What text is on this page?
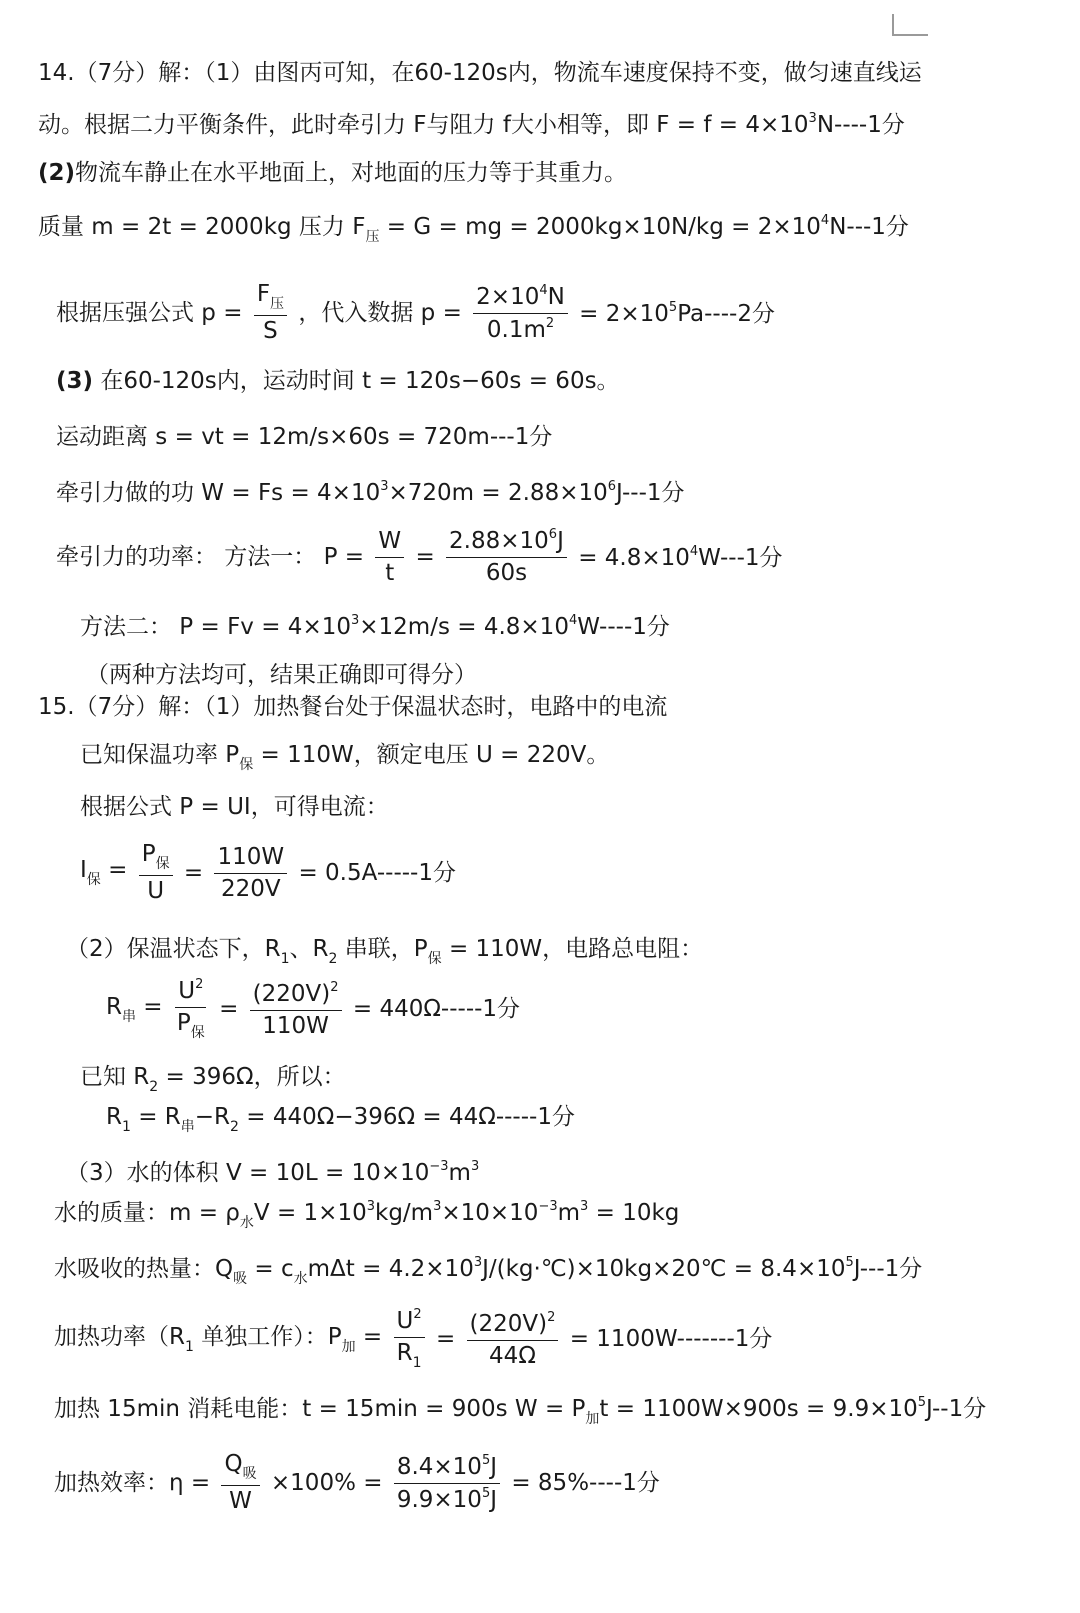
14.（7分）解：（1）由图丙可知，在60-120s内，物流车速度保持不变，做匀速直线运
动。根据二力平衡条件，此时牵引力 F与阻力 f大小相等，即 $F = f = 4\times 10^3N----1$分
(2)物流车静止在水平地面上，对地面的压力等于其重力。
质量 m = 2t = 2000kg 压力 $F_压 = G$ = mg = $2000kg\times 10N/kg = 2\times 10^4N---1$分
根据压强公式 $p = \frac{F_压}{S}$ ，代入数据 $p = \frac{2\times 10^4N}{0.1m^2} = 2\times 10^5Pa----2$分
(3) 在60-120s内，运动时间 t = 120s−60s = 60s。
运动距离 s = vt = 12m/s×60s = 720m---1分
牵引力做的功 $W = Fs = 4\times 10^3\times 720m = 2.88\times 10^6J---1$分
牵引力的功率： 方法一： $P = \frac{W}{t} = \frac{2.88\times 10^6J}{60s} = 4.8\times 10^4W---1$分
方法二： $P = Fv = 4\times 10^3\times 12m/s = 4.8\times 10^4W----1$分
（两种方法均可，结果正确即可得分）
15.（7分）解：（1）加热餐台处于保温状态时，电路中的电流
已知保温功率 $P_保 = 110W$，额定电压 U = 220V。
根据公式 P = UI，可得电流：
$I_保 = \frac{P_保}{U} = \frac{110W}{220V} = 0.5A-----1$分
（2）保温状态下，$R_1$、$R_2$ 串联，$P_保 = 110W$，电路总电阻：
$R_串 = \frac{U^2}{P_保} = \frac{(220V)^2}{110W} = 440\Omega-----1$分
已知 $R_2 = 396\Omega$，所以：
$R_1 = R_串-R_2 = 440\Omega-396\Omega = 44\Omega-----1$分
（3）水的体积 $V = 10L = 10\times 10^{-3}m^3$
水的质量：$m = \rho_水V = 1\times 10^3kg/m^3\times 10\times 10^{-3}m^3 = 10kg$
水吸收的热量：$Q_吸 = c_水m\Delta t$ = $4.2\times 10^3J/(kg\cdot℃)\times 10kg\times 20℃ = 8.4\times 10^5J---1$分
加热功率（$R_1$ 单独工作）：$P_加 = \frac{U^2}{R_1} = \frac{(220V)^2}{44\Omega} = 1100W-------1$分
加热 15min 消耗电能：t = 15min = 900s $W = P_加t = 1100W\times 900s = 9.9\times 10^5J--1$分
加热效率：$\eta = \frac{Q_吸}{W} \times 100\% = \frac{8.4\times 10^5J}{9.9\times 10^5J} = 85\%----1$分
